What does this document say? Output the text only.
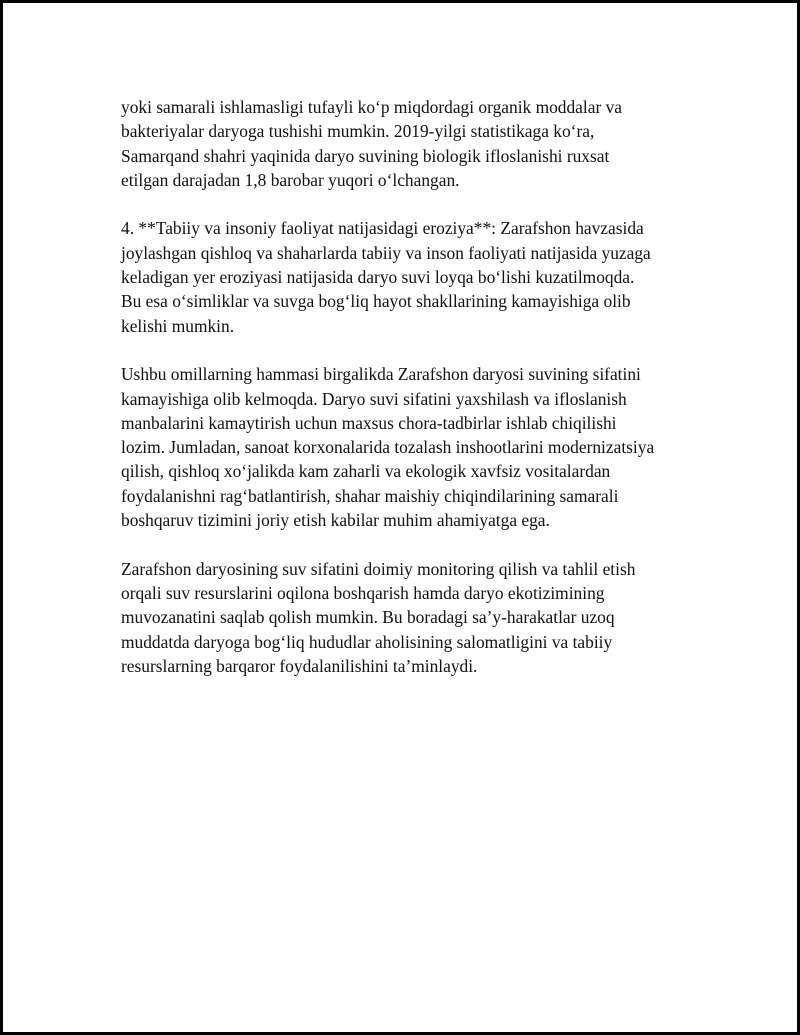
yoki samarali ishlamasligi tufayli ko‘p miqdordagi organik moddalar va
bakteriyalar daryoga tushishi mumkin. 2019-yilgi statistikaga ko‘ra,
Samarqand shahri yaqinida daryo suvining biologik ifloslanishi ruxsat
etilgan darajadan 1,8 barobar yuqori o‘lchangan.

4. **Tabiiy va insoniy faoliyat natijasidagi eroziya**: Zarafshon havzasida
joylashgan qishloq va shaharlarda tabiiy va inson faoliyati natijasida yuzaga
keladigan yer eroziyasi natijasida daryo suvi loyqa bo‘lishi kuzatilmoqda.
Bu esa o‘simliklar va suvga bog‘liq hayot shakllarining kamayishiga olib
kelishi mumkin.

Ushbu omillarning hammasi birgalikda Zarafshon daryosi suvining sifatini
kamayishiga olib kelmoqda. Daryo suvi sifatini yaxshilash va ifloslanish
manbalarini kamaytirish uchun maxsus chora-tadbirlar ishlab chiqilishi
lozim. Jumladan, sanoat korxonalarida tozalash inshootlarini modernizatsiya
qilish, qishloq xo‘jalikda kam zaharli va ekologik xavfsiz vositalardan
foydalanishni rag‘batlantirish, shahar maishiy chiqindilarining samarali
boshqaruv tizimini joriy etish kabilar muhim ahamiyatga ega.

Zarafshon daryosining suv sifatini doimiy monitoring qilish va tahlil etish
orqali suv resurslarini oqilona boshqarish hamda daryo ekotizimining
muvozanatini saqlab qolish mumkin. Bu boradagi sa’y-harakatlar uzoq
muddatda daryoga bog‘liq hududlar aholisining salomatligini va tabiiy
resurslarning barqaror foydalanilishini ta’minlaydi.
